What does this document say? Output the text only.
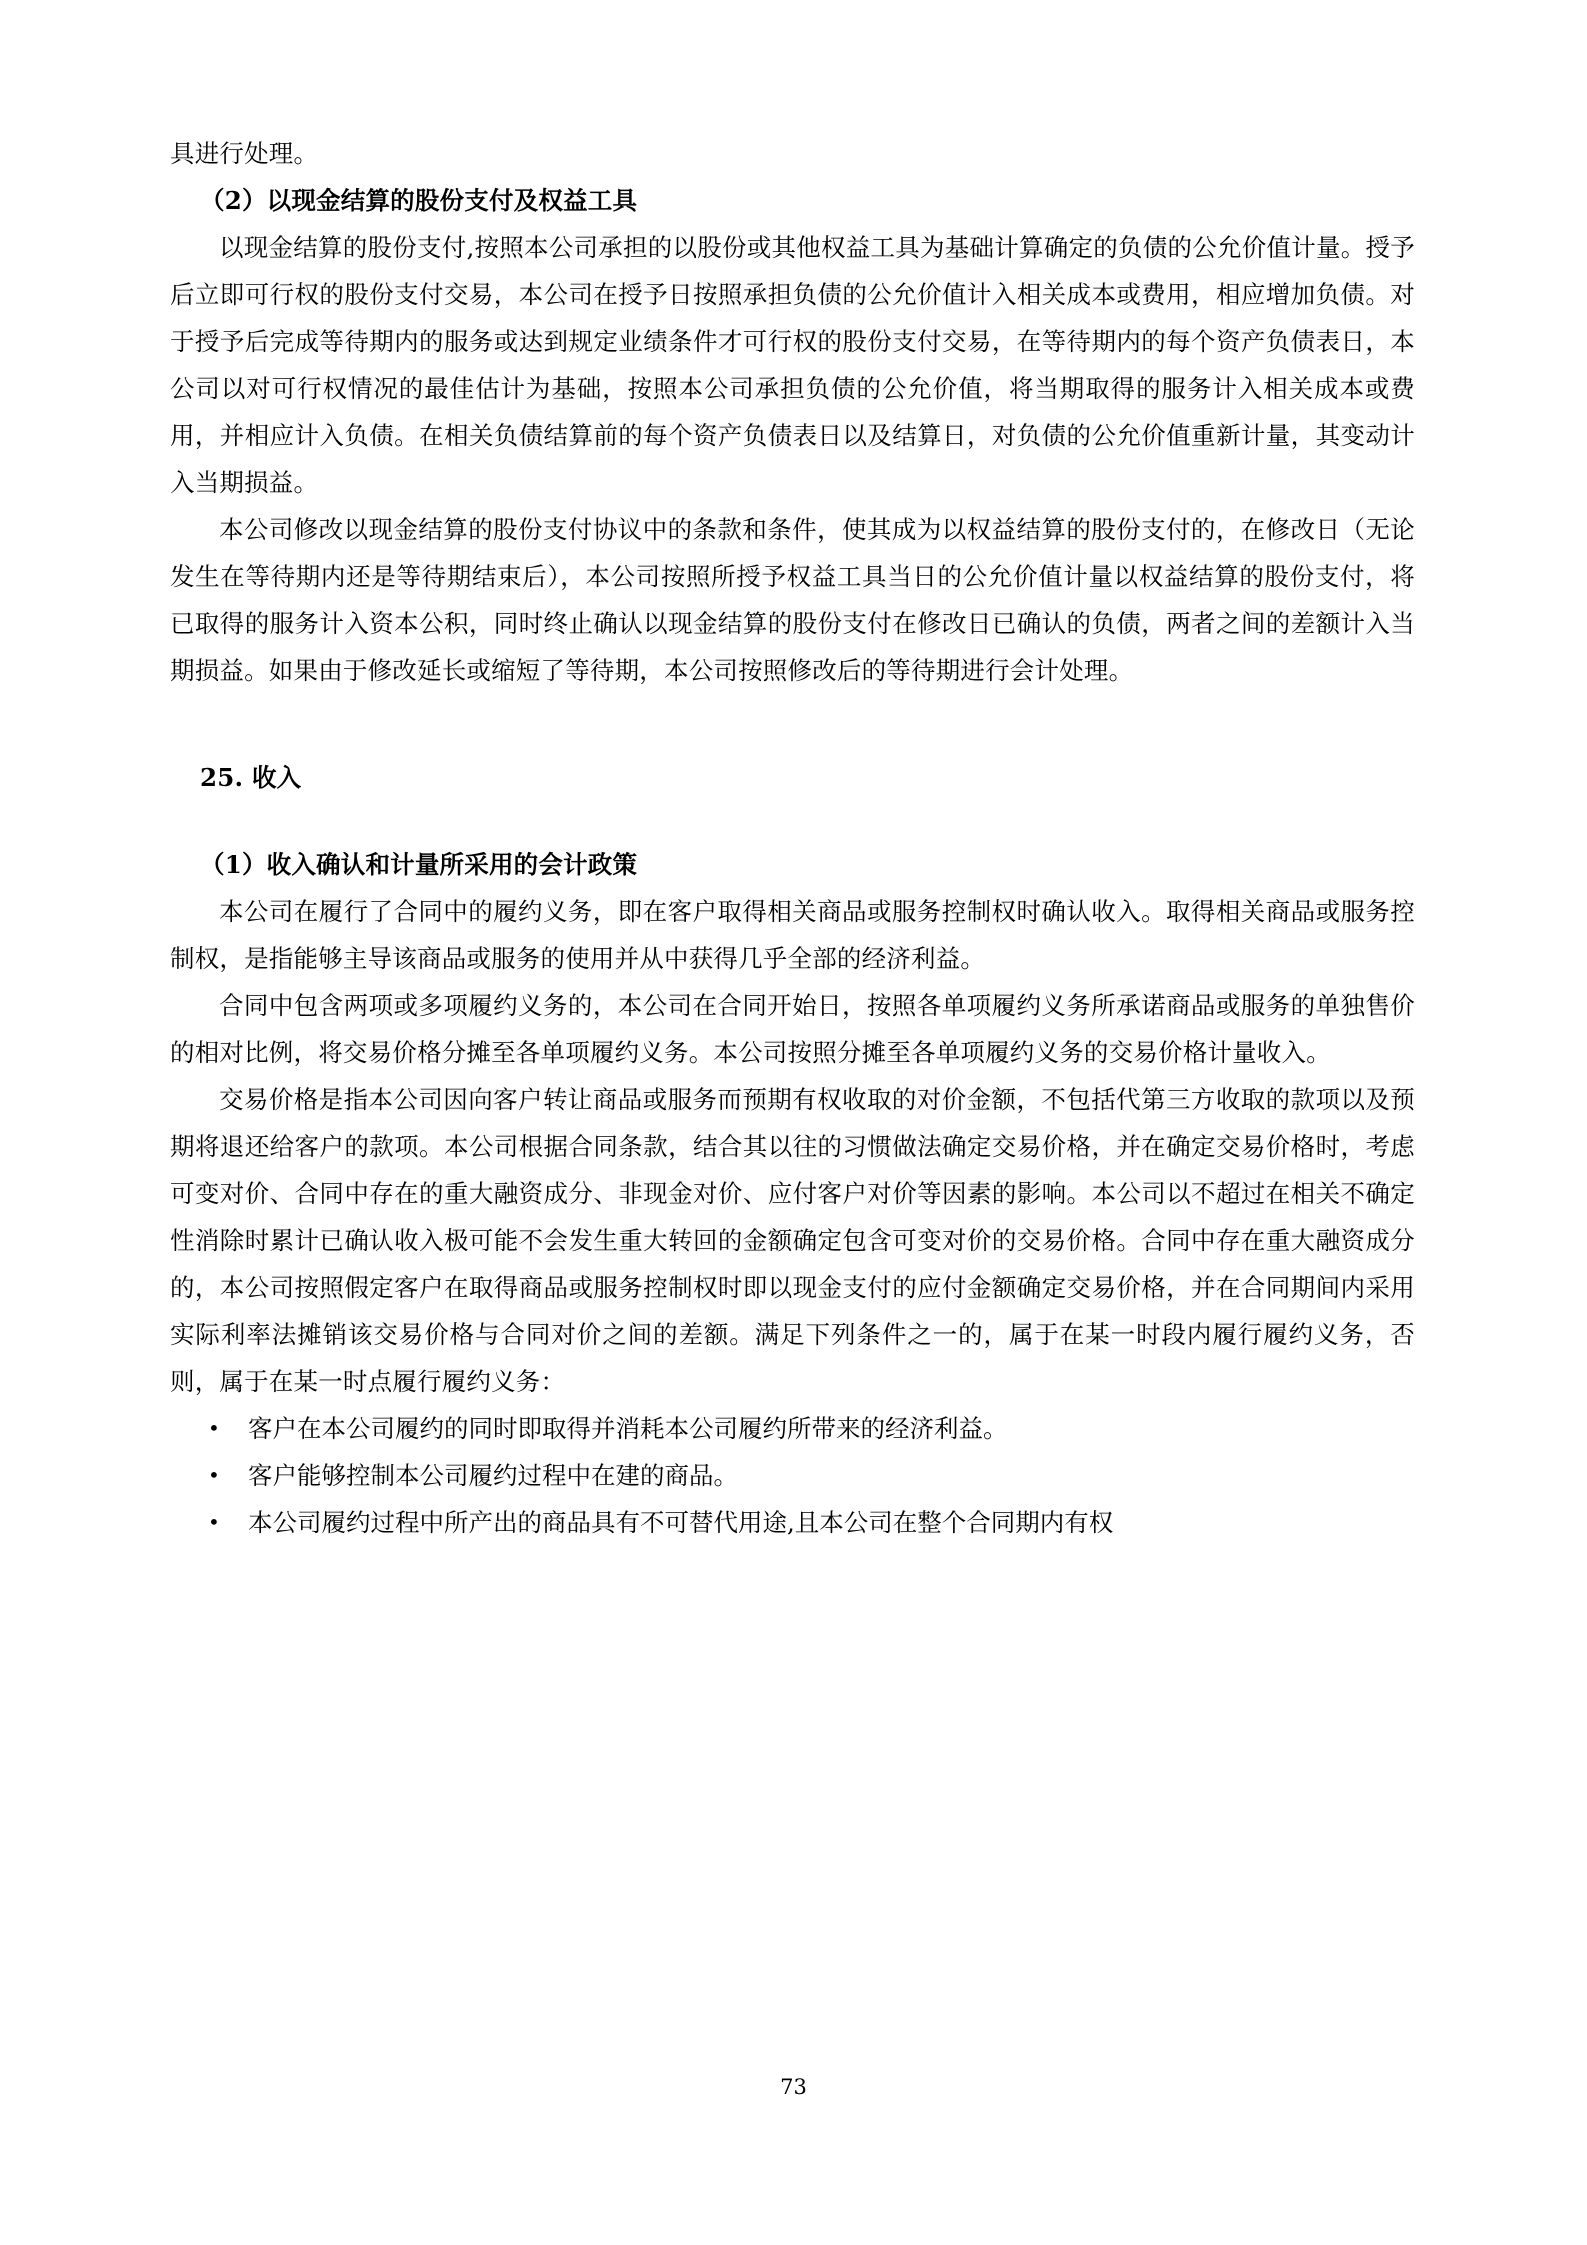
具进行处理。

（2）以现金结算的股份支付及权益工具

以现金结算的股份支付,按照本公司承担的以股份或其他权益工具为基础计算确定的负债的公允价值计量。授予后立即可行权的股份支付交易，本公司在授予日按照承担负债的公允价值计入相关成本或费用，相应增加负债。对于授予后完成等待期内的服务或达到规定业绩条件才可行权的股份支付交易，在等待期内的每个资产负债表日，本公司以对可行权情况的最佳估计为基础，按照本公司承担负债的公允价值，将当期取得的服务计入相关成本或费用，并相应计入负债。在相关负债结算前的每个资产负债表日以及结算日，对负债的公允价值重新计量，其变动计入当期损益。

本公司修改以现金结算的股份支付协议中的条款和条件，使其成为以权益结算的股份支付的，在修改日（无论发生在等待期内还是等待期结束后），本公司按照所授予权益工具当日的公允价值计量以权益结算的股份支付，将已取得的服务计入资本公积，同时终止确认以现金结算的股份支付在修改日已确认的负债，两者之间的差额计入当期损益。如果由于修改延长或缩短了等待期，本公司按照修改后的等待期进行会计处理。

25. 收入

（1）收入确认和计量所采用的会计政策

本公司在履行了合同中的履约义务，即在客户取得相关商品或服务控制权时确认收入。取得相关商品或服务控制权，是指能够主导该商品或服务的使用并从中获得几乎全部的经济利益。

合同中包含两项或多项履约义务的，本公司在合同开始日，按照各单项履约义务所承诺商品或服务的单独售价的相对比例，将交易价格分摊至各单项履约义务。本公司按照分摊至各单项履约义务的交易价格计量收入。

交易价格是指本公司因向客户转让商品或服务而预期有权收取的对价金额，不包括代第三方收取的款项以及预期将退还给客户的款项。本公司根据合同条款，结合其以往的习惯做法确定交易价格，并在确定交易价格时，考虑可变对价、合同中存在的重大融资成分、非现金对价、应付客户对价等因素的影响。本公司以不超过在相关不确定性消除时累计已确认收入极可能不会发生重大转回的金额确定包含可变对价的交易价格。合同中存在重大融资成分的，本公司按照假定客户在取得商品或服务控制权时即以现金支付的应付金额确定交易价格，并在合同期间内采用实际利率法摊销该交易价格与合同对价之间的差额。满足下列条件之一的，属于在某一时段内履行履约义务，否则，属于在某一时点履行履约义务：

• 客户在本公司履约的同时即取得并消耗本公司履约所带来的经济利益。
• 客户能够控制本公司履约过程中在建的商品。
• 本公司履约过程中所产出的商品具有不可替代用途,且本公司在整个合同期内有权
73
